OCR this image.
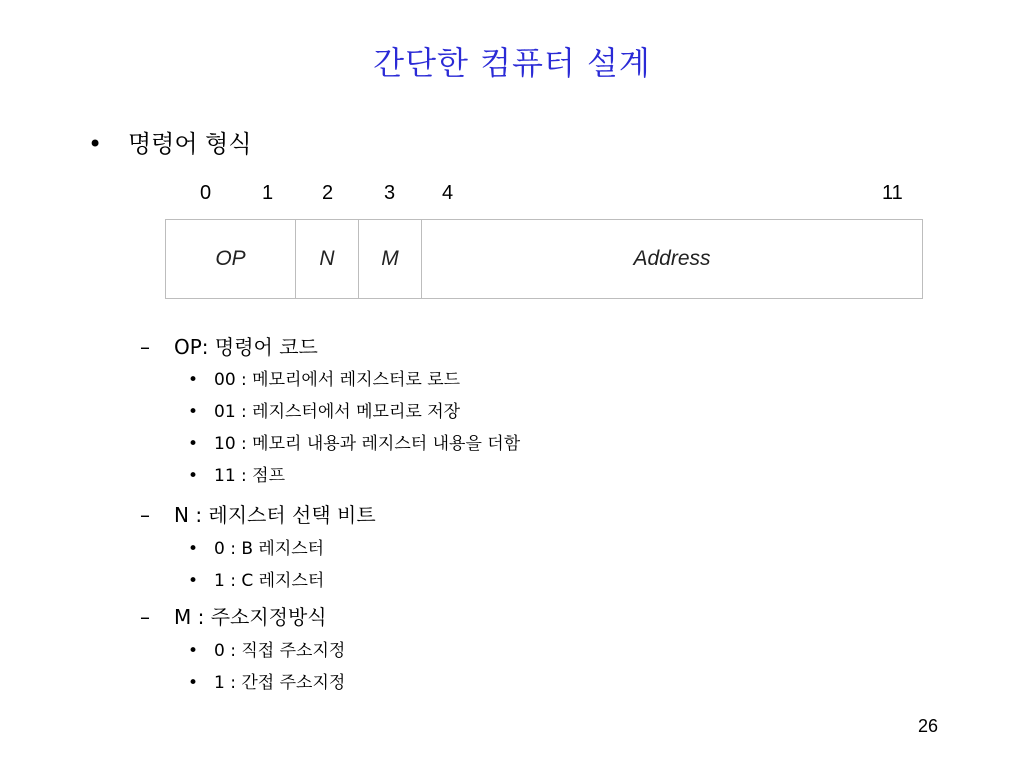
간단한 컴퓨터 설계
• 명령어 형식
0	1 2	3 4	11
OP	N	M	Address
– OP: 명령어 코드
• 00 : 메모리에서 레지스터로 로드
• 01 : 레지스터에서 메모리로 저장
• 10 : 메모리 내용과 레지스터 내용을 더함
• 11 : 점프
– N : 레지스터 선택 비트
• 0 : B 레지스터
• 1 : C 레지스터
– M : 주소지정방식
• 0 : 직접 주소지정
• 1 : 간접 주소지정
26
